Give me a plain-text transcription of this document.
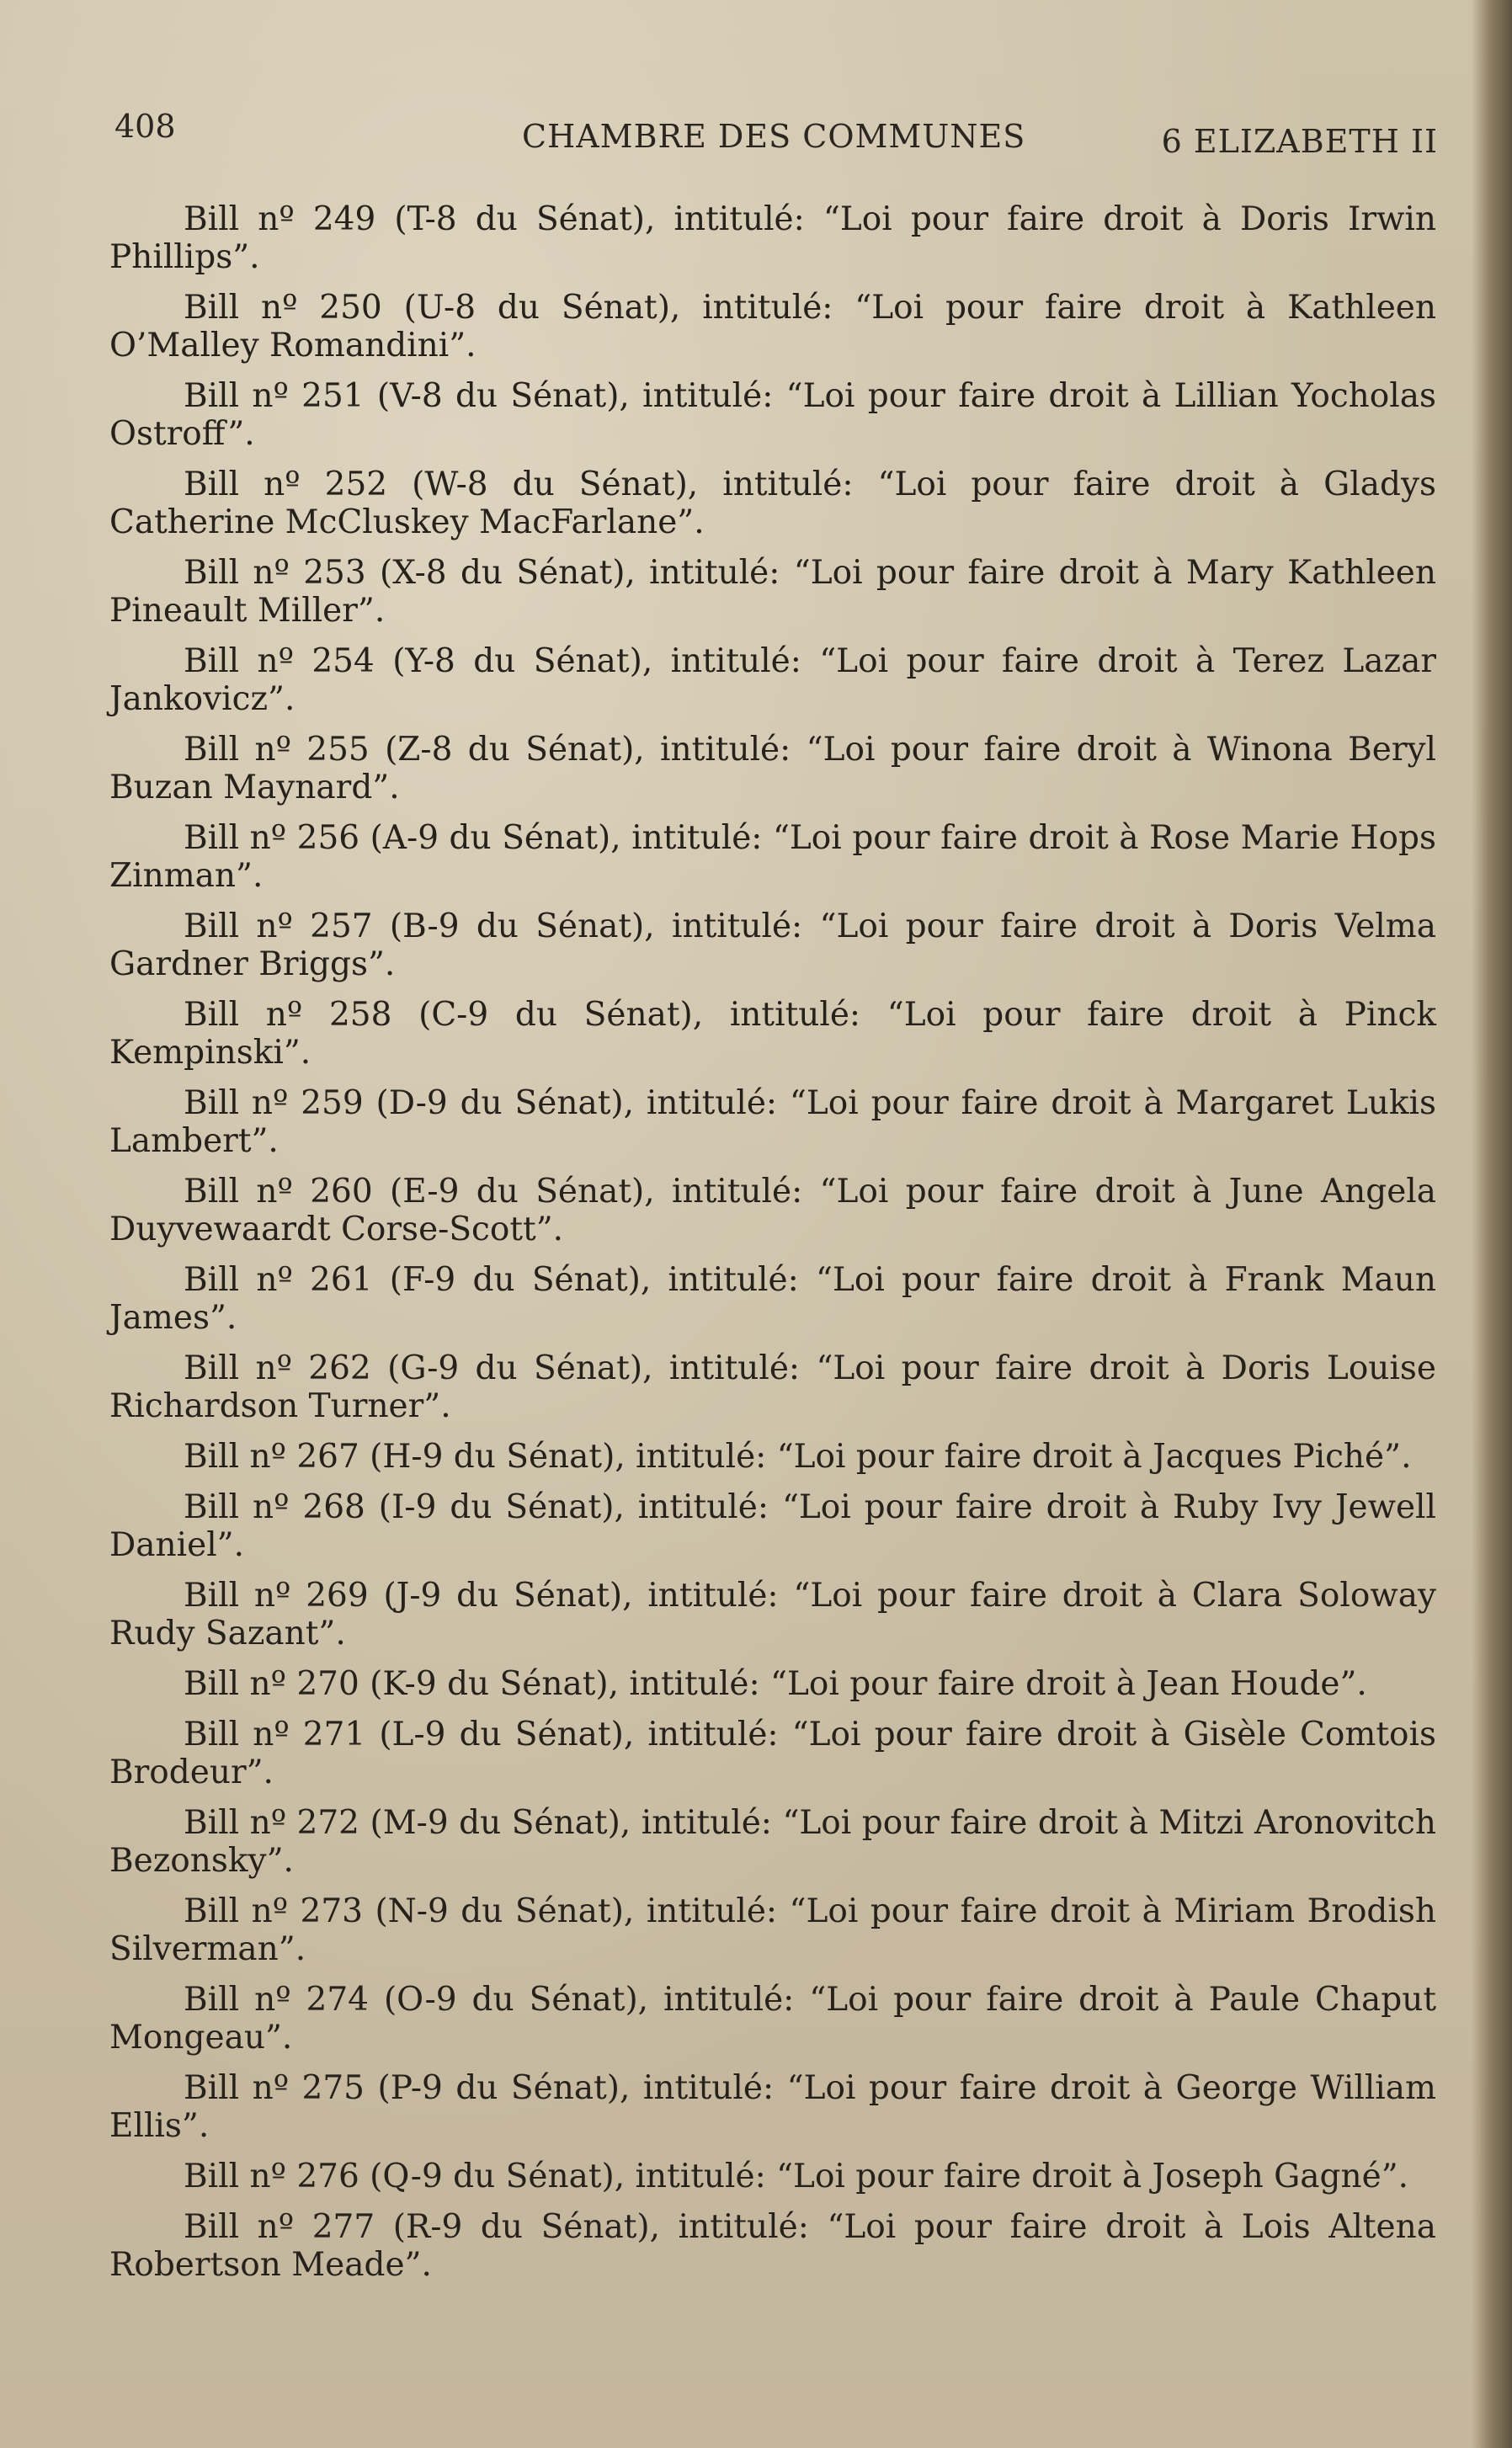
408	CHAMBRE DES COMMUNES	6 ELIZABETH II

Bill nº 249 (T-8 du Sénat), intitulé: “Loi pour faire droit à Doris Irwin Phillips”.

Bill nº 250 (U-8 du Sénat), intitulé: “Loi pour faire droit à Kathleen O’Malley Romandini”.

Bill nº 251 (V-8 du Sénat), intitulé: “Loi pour faire droit à Lillian Yocholas Ostroff”.

Bill nº 252 (W-8 du Sénat), intitulé: “Loi pour faire droit à Gladys Catherine McCluskey MacFarlane”.

Bill nº 253 (X-8 du Sénat), intitulé: “Loi pour faire droit à Mary Kathleen Pineault Miller”.

Bill nº 254 (Y-8 du Sénat), intitulé: “Loi pour faire droit à Terez Lazar Jankovicz”.

Bill nº 255 (Z-8 du Sénat), intitulé: “Loi pour faire droit à Winona Beryl Buzan Maynard”.

Bill nº 256 (A-9 du Sénat), intitulé: “Loi pour faire droit à Rose Marie Hops Zinman”.

Bill nº 257 (B-9 du Sénat), intitulé: “Loi pour faire droit à Doris Velma Gardner Briggs”.

Bill nº 258 (C-9 du Sénat), intitulé: “Loi pour faire droit à Pinck Kempinski”.

Bill nº 259 (D-9 du Sénat), intitulé: “Loi pour faire droit à Margaret Lukis Lambert”.

Bill nº 260 (E-9 du Sénat), intitulé: “Loi pour faire droit à June Angela Duyvewaardt Corse-Scott”.

Bill nº 261 (F-9 du Sénat), intitulé: “Loi pour faire droit à Frank Maun James”.

Bill nº 262 (G-9 du Sénat), intitulé: “Loi pour faire droit à Doris Louise Richardson Turner”.

Bill nº 267 (H-9 du Sénat), intitulé: “Loi pour faire droit à Jacques Piché”.

Bill nº 268 (I-9 du Sénat), intitulé: “Loi pour faire droit à Ruby Ivy Jewell Daniel”.

Bill nº 269 (J-9 du Sénat), intitulé: “Loi pour faire droit à Clara Soloway Rudy Sazant”.

Bill nº 270 (K-9 du Sénat), intitulé: “Loi pour faire droit à Jean Houde”.

Bill nº 271 (L-9 du Sénat), intitulé: “Loi pour faire droit à Gisèle Comtois Brodeur”.

Bill nº 272 (M-9 du Sénat), intitulé: “Loi pour faire droit à Mitzi Aronovitch Bezonsky”.

Bill nº 273 (N-9 du Sénat), intitulé: “Loi pour faire droit à Miriam Brodish Silverman”.

Bill nº 274 (O-9 du Sénat), intitulé: “Loi pour faire droit à Paule Chaput Mongeau”.

Bill nº 275 (P-9 du Sénat), intitulé: “Loi pour faire droit à George William Ellis”.

Bill nº 276 (Q-9 du Sénat), intitulé: “Loi pour faire droit à Joseph Gagné”.

Bill nº 277 (R-9 du Sénat), intitulé: “Loi pour faire droit à Lois Altena Robertson Meade”.
